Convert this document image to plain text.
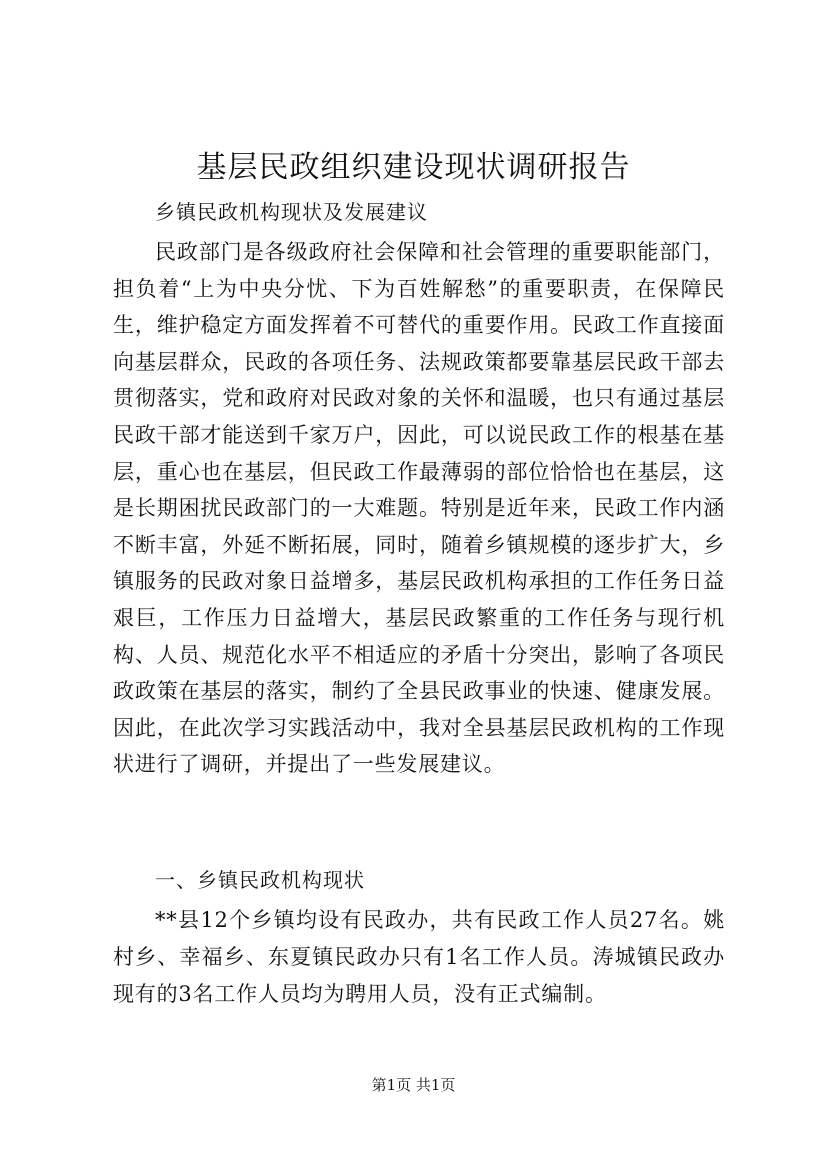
基层民政组织建设现状调研报告

乡镇民政机构现状及发展建议

民政部门是各级政府社会保障和社会管理的重要职能部门，担负着“上为中央分忧、下为百姓解愁”的重要职责，在保障民生，维护稳定方面发挥着不可替代的重要作用。民政工作直接面向基层群众，民政的各项任务、法规政策都要靠基层民政干部去贯彻落实，党和政府对民政对象的关怀和温暖，也只有通过基层民政干部才能送到千家万户，因此，可以说民政工作的根基在基层，重心也在基层，但民政工作最薄弱的部位恰恰也在基层，这是长期困扰民政部门的一大难题。特别是近年来，民政工作内涵不断丰富，外延不断拓展，同时，随着乡镇规模的逐步扩大，乡镇服务的民政对象日益增多，基层民政机构承担的工作任务日益艰巨，工作压力日益增大，基层民政繁重的工作任务与现行机构、人员、规范化水平不相适应的矛盾十分突出，影响了各项民政政策在基层的落实，制约了全县民政事业的快速、健康发展。因此，在此次学习实践活动中，我对全县基层民政机构的工作现状进行了调研，并提出了一些发展建议。

一、乡镇民政机构现状

**县12个乡镇均设有民政办，共有民政工作人员27名。姚村乡、幸福乡、东夏镇民政办只有1名工作人员。涛城镇民政办现有的3名工作人员均为聘用人员，没有正式编制。

第1页 共1页
